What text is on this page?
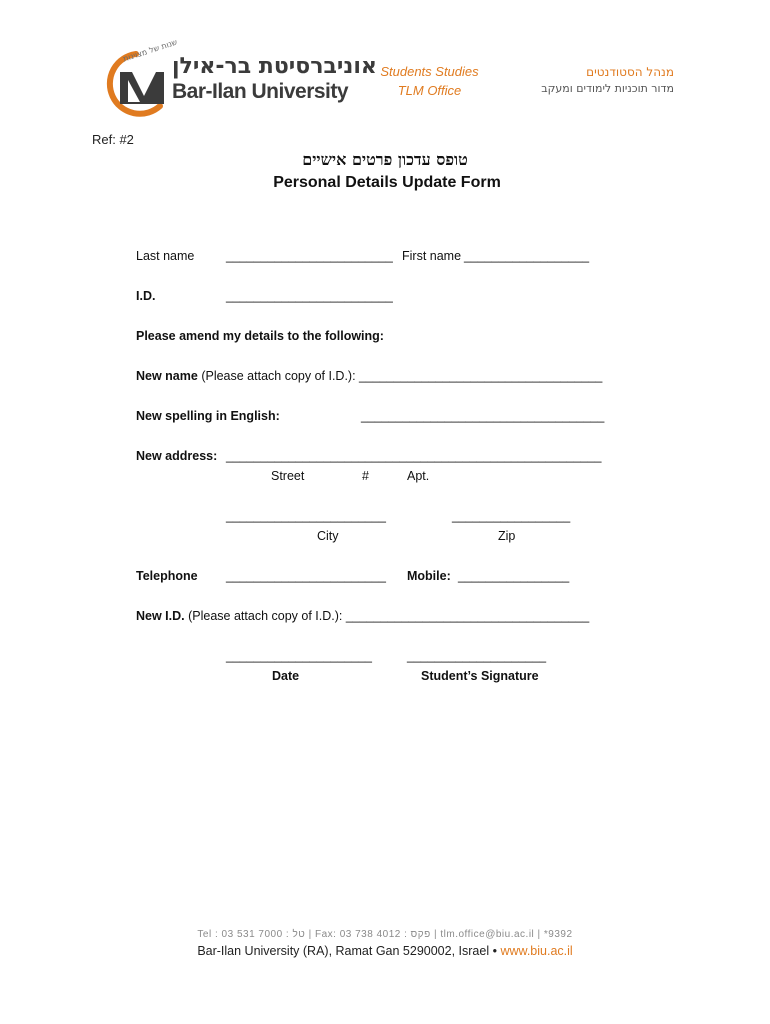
שנות של מצוינות
אוניברסיטת בר-אילן
Bar-Ilan University
Students Studies
TLM Office
מנהל הסטודנטים
מדור תוכניות לימודים ומעקב
Ref: #2
טופס עדכון פרטים אישיים
Personal Details Update Form
Last name	________________________ First name __________________
I.D.	________________________
Please amend my details to the following:
New name (Please attach copy of I.D.): ___________________________________
New spelling in English:	___________________________________
New address: ______________________________________________________
Street	#	Apt.
_______________________	_________________
City	Zip
Telephone _______________________ Mobile: ________________
New I.D. (Please attach copy of I.D.): ___________________________________
_____________________	____________________
Date	Student’s Signature
Tel : 03 531 7000 : טל | Fax: 03 738 4012 : פקס | tlm.office@biu.ac.il | *9392
Bar-Ilan University (RA), Ramat Gan 5290002, Israel • www.biu.ac.il
